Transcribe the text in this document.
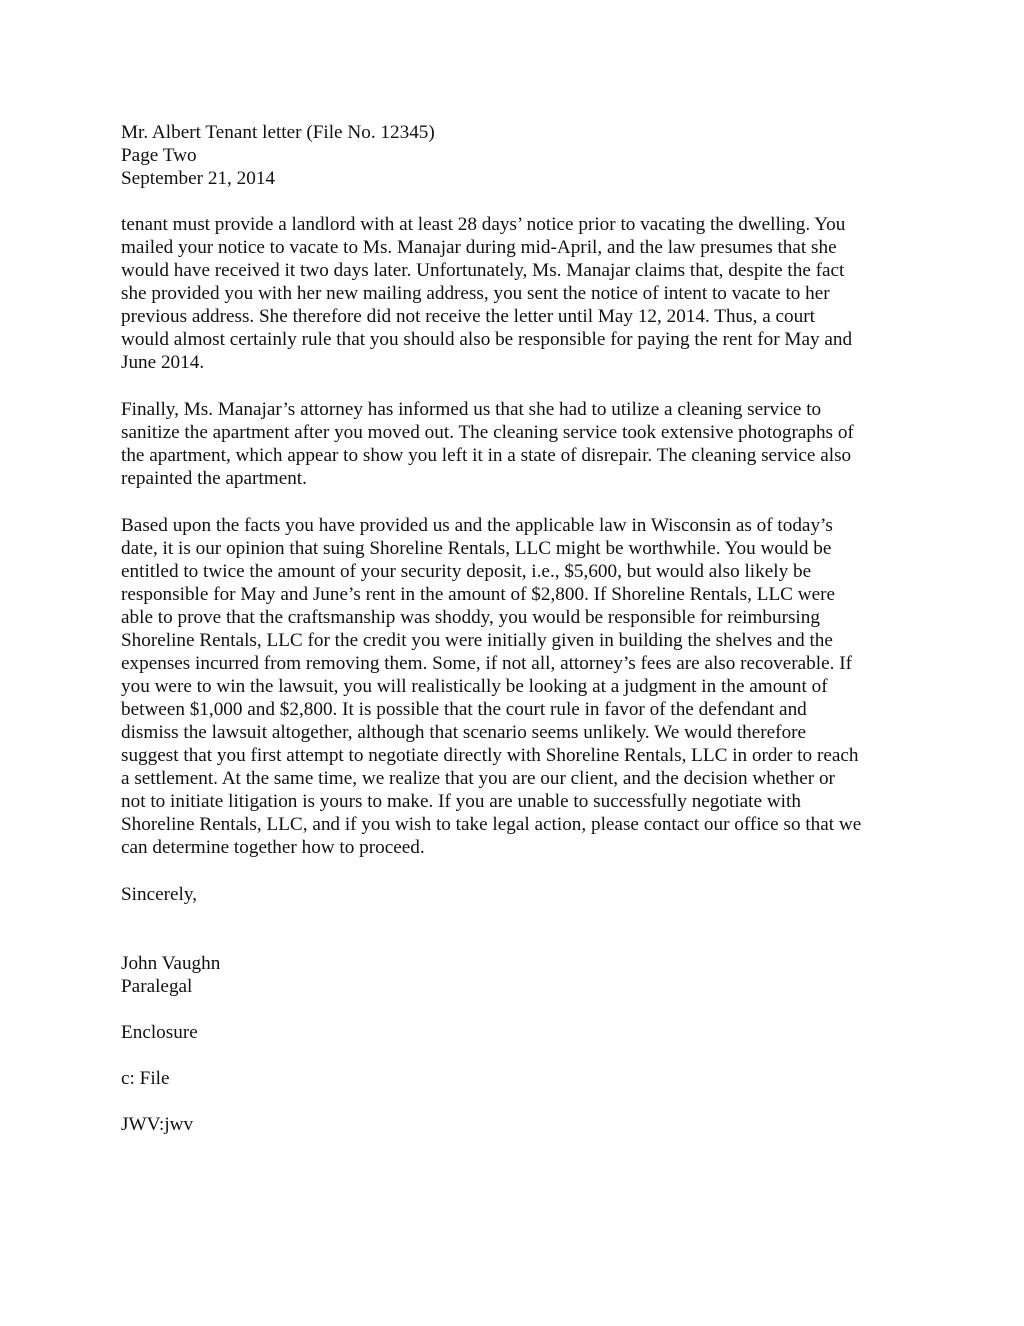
Mr. Albert Tenant letter (File No. 12345)
Page Two
September 21, 2014
tenant must provide a landlord with at least 28 days’ notice prior to vacating the dwelling. You
mailed your notice to vacate to Ms. Manajar during mid-April, and the law presumes that she
would have received it two days later. Unfortunately, Ms. Manajar claims that, despite the fact
she provided you with her new mailing address, you sent the notice of intent to vacate to her
previous address. She therefore did not receive the letter until May 12, 2014. Thus, a court
would almost certainly rule that you should also be responsible for paying the rent for May and
June 2014.
Finally, Ms. Manajar’s attorney has informed us that she had to utilize a cleaning service to
sanitize the apartment after you moved out. The cleaning service took extensive photographs of
the apartment, which appear to show you left it in a state of disrepair. The cleaning service also
repainted the apartment.
Based upon the facts you have provided us and the applicable law in Wisconsin as of today’s
date, it is our opinion that suing Shoreline Rentals, LLC might be worthwhile. You would be
entitled to twice the amount of your security deposit, i.e., $5,600, but would also likely be
responsible for May and June’s rent in the amount of $2,800. If Shoreline Rentals, LLC were
able to prove that the craftsmanship was shoddy, you would be responsible for reimbursing
Shoreline Rentals, LLC for the credit you were initially given in building the shelves and the
expenses incurred from removing them. Some, if not all, attorney’s fees are also recoverable. If
you were to win the lawsuit, you will realistically be looking at a judgment in the amount of
between $1,000 and $2,800. It is possible that the court rule in favor of the defendant and
dismiss the lawsuit altogether, although that scenario seems unlikely. We would therefore
suggest that you first attempt to negotiate directly with Shoreline Rentals, LLC in order to reach
a settlement. At the same time, we realize that you are our client, and the decision whether or
not to initiate litigation is yours to make. If you are unable to successfully negotiate with
Shoreline Rentals, LLC, and if you wish to take legal action, please contact our office so that we
can determine together how to proceed.
Sincerely,
John Vaughn
Paralegal
Enclosure
c: File
JWV:jwv
